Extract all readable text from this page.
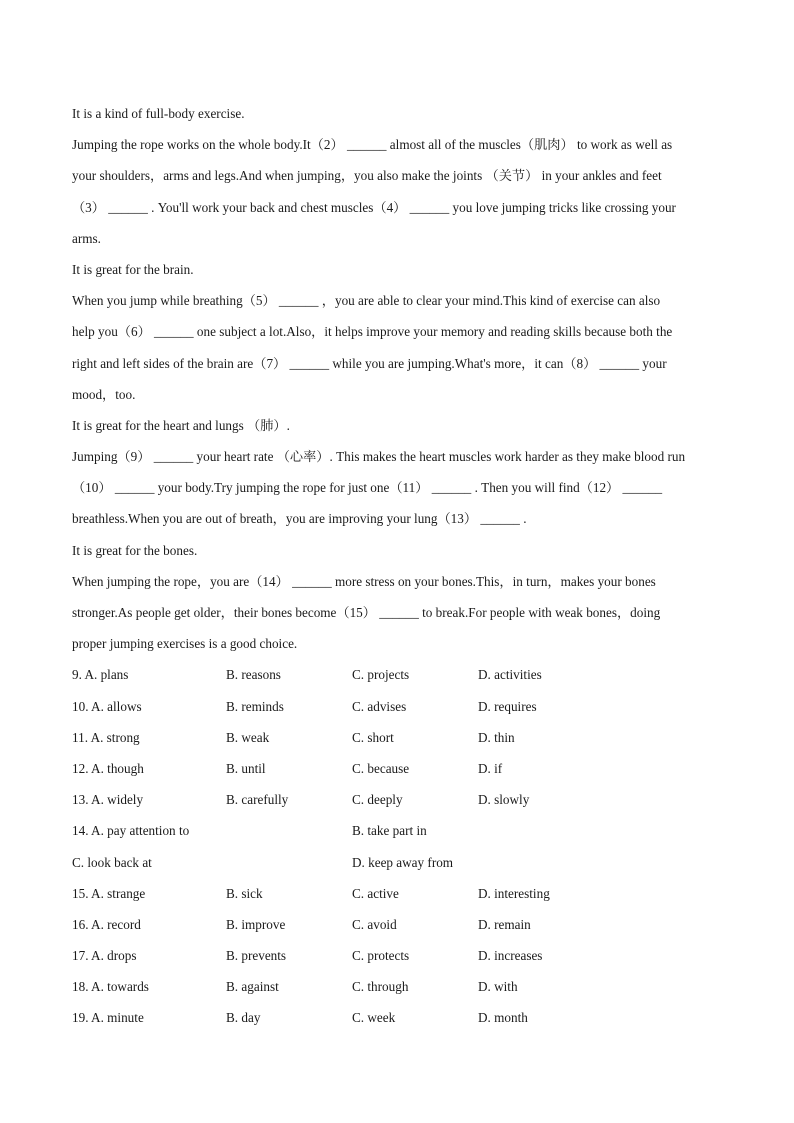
It is a kind of full-body exercise.
Jumping the rope works on the whole body.It（2） ______ almost all of the muscles（肌肉） to work as well as
your shoulders，arms and legs.And when jumping，you also make the joints （关节） in your ankles and feet
（3） ______ . You'll work your back and chest muscles（4） ______ you love jumping tricks like crossing your
arms.
It is great for the brain.
When you jump while breathing（5） ______ ，you are able to clear your mind.This kind of exercise can also
help you（6） ______ one subject a lot.Also，it helps improve your memory and reading skills because both the
right and left sides of the brain are（7） ______ while you are jumping.What's more，it can（8） ______ your
mood，too.
It is great for the heart and lungs （肺）.
Jumping（9） ______ your heart rate （心率）. This makes the heart muscles work harder as they make blood run
（10） ______ your body.Try jumping the rope for just one（11） ______ . Then you will find（12） ______
breathless.When you are out of breath，you are improving your lung（13） ______ .
It is great for the bones.
When jumping the rope，you are（14） ______ more stress on your bones.This，in turn，makes your bones
stronger.As people get older，their bones become（15） ______ to break.For people with weak bones，doing
proper jumping exercises is a good choice.
9. A. plans	B. reasons	C. projects	D. activities
10. A. allows	B. reminds	C. advises	D. requires
11. A. strong	B. weak	C. short	D. thin
12. A. though	B. until	C. because	D. if
13. A. widely	B. carefully	C. deeply	D. slowly
14. A. pay attention to	B. take part in
C. look back at	D. keep away from
15. A. strange	B. sick	C. active	D. interesting
16. A. record	B. improve	C. avoid	D. remain
17. A. drops	B. prevents	C. protects	D. increases
18. A. towards	B. against	C. through	D. with
19. A. minute	B. day	C. week	D. month
